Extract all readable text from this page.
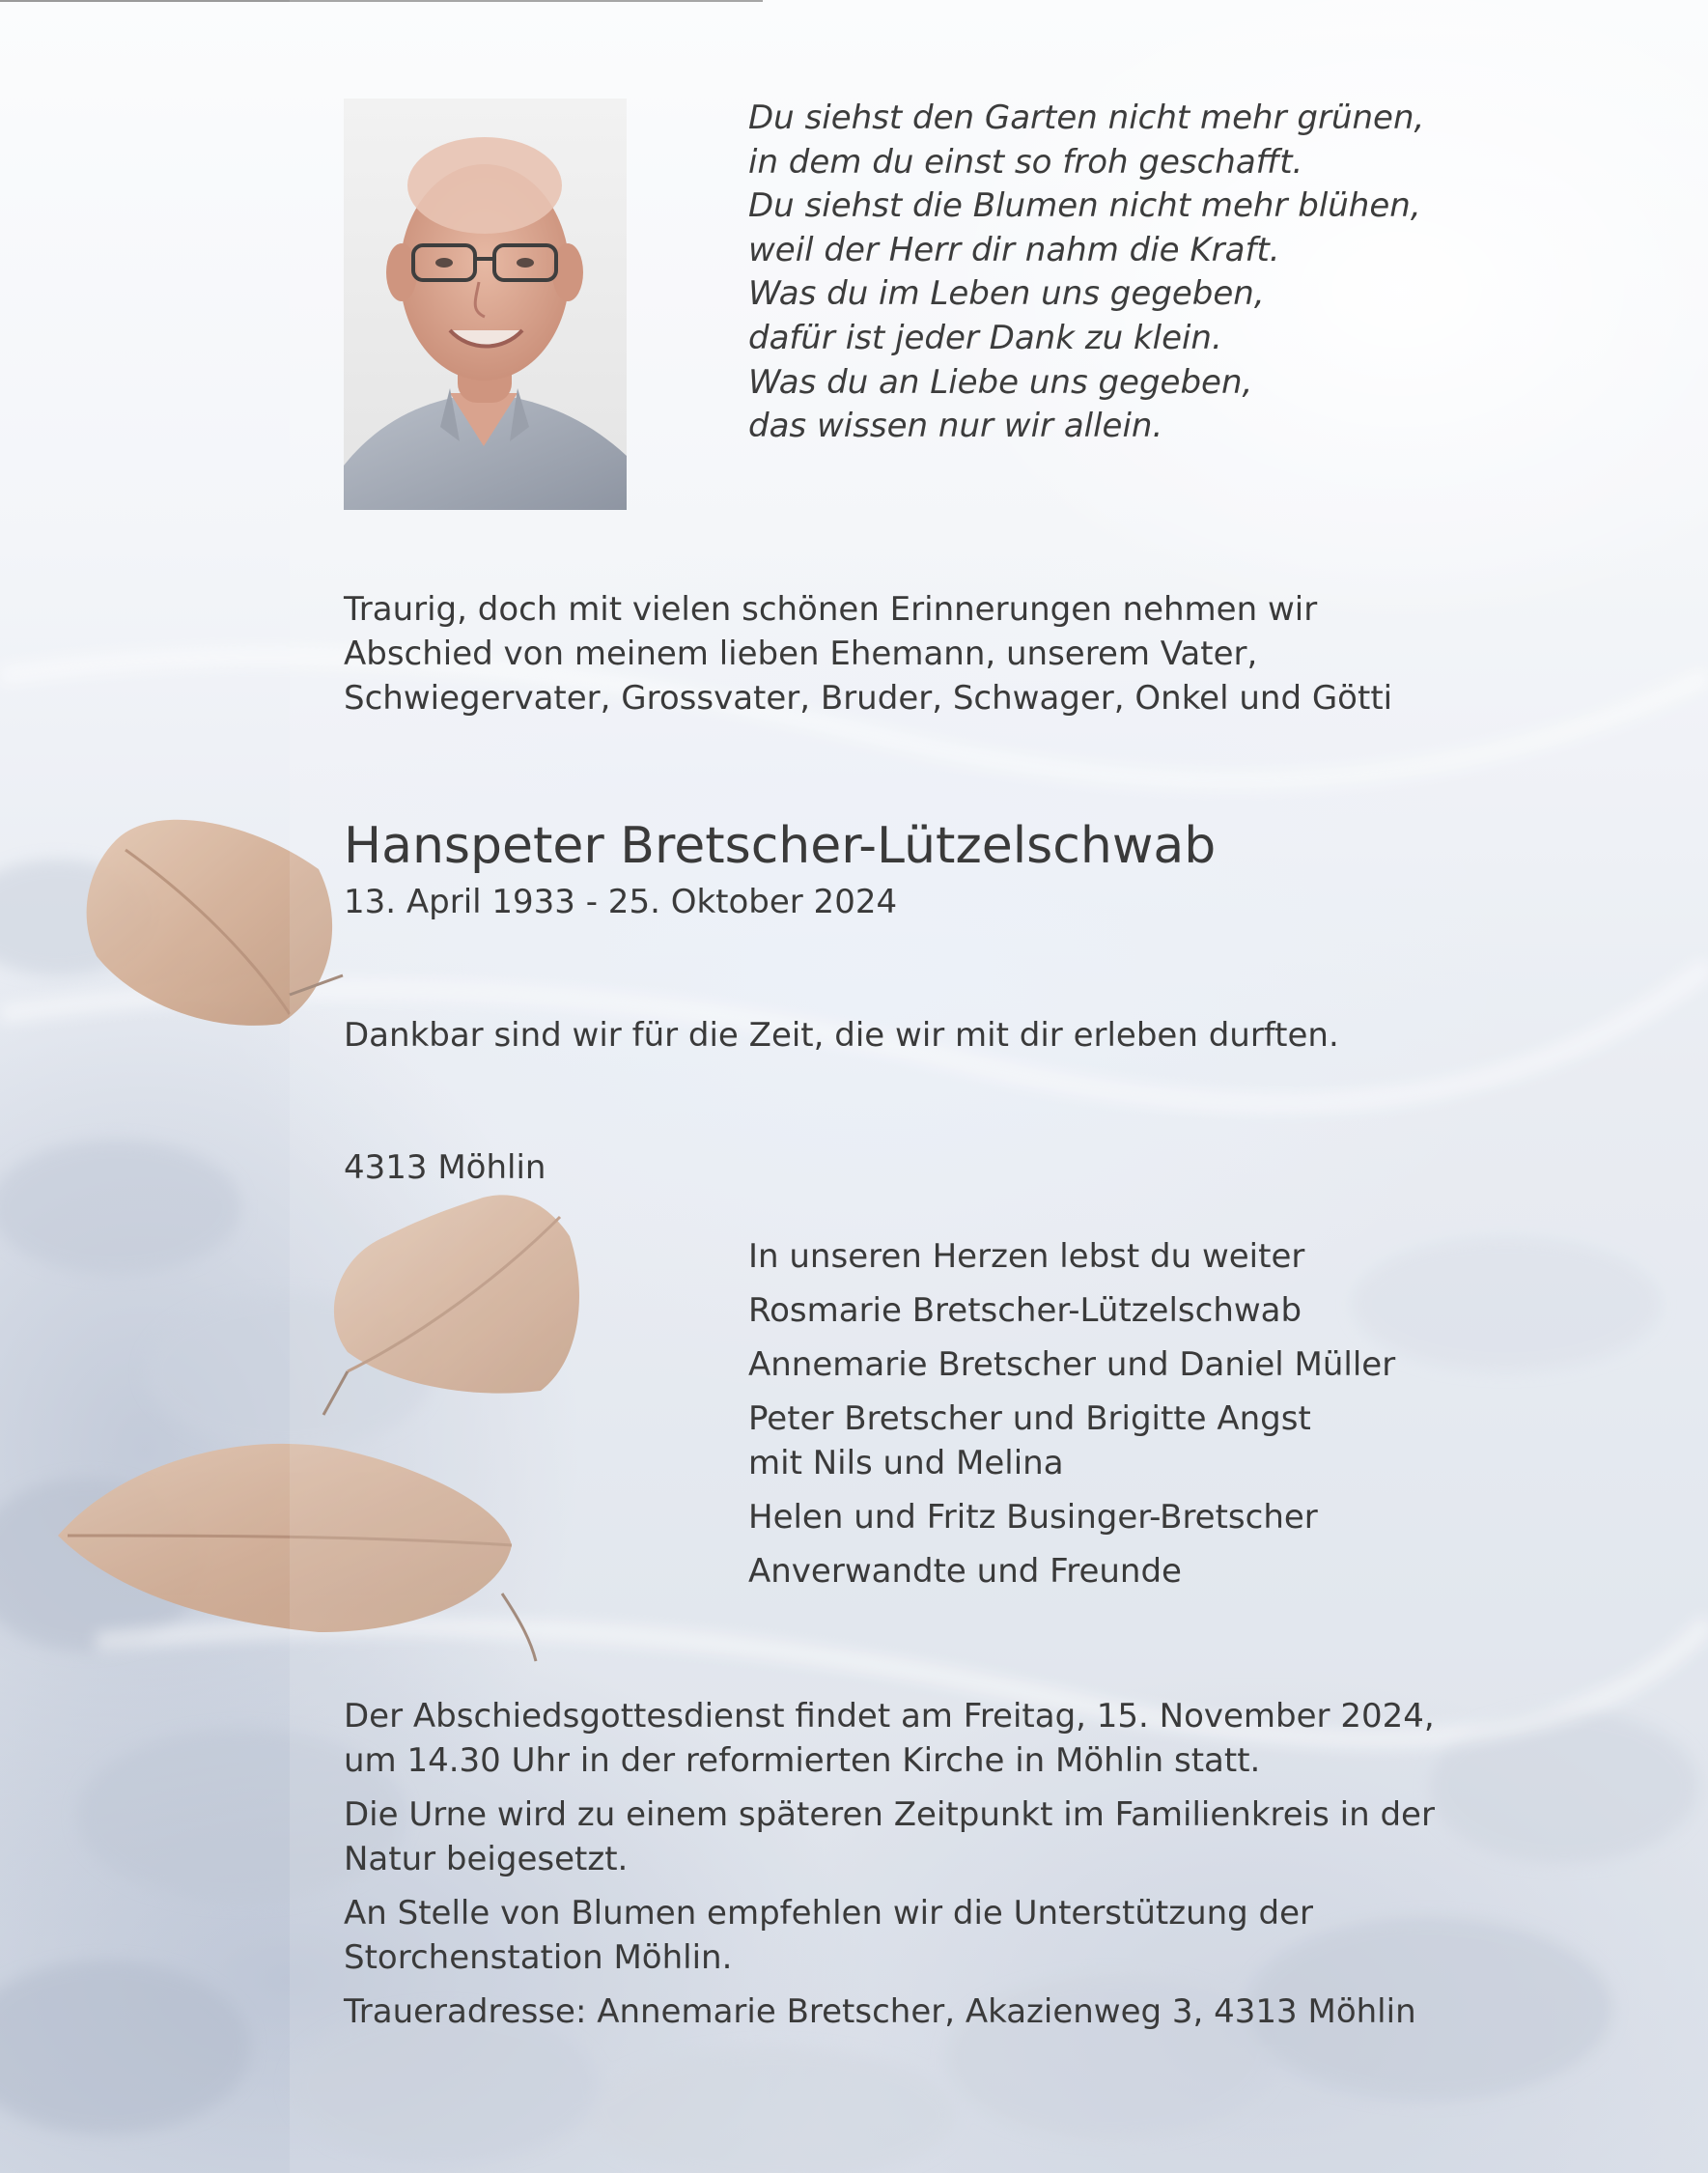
Du siehst den Garten nicht mehr grünen,
in dem du einst so froh geschafft.
Du siehst die Blumen nicht mehr blühen,
weil der Herr dir nahm die Kraft.
Was du im Leben uns gegeben,
dafür ist jeder Dank zu klein.
Was du an Liebe uns gegeben,
das wissen nur wir allein.
Traurig, doch mit vielen schönen Erinnerungen nehmen wir
Abschied von meinem lieben Ehemann, unserem Vater,
Schwiegervater, Grossvater, Bruder, Schwager, Onkel und Götti
Hanspeter Bretscher-Lützelschwab
13. April 1933 - 25. Oktober 2024
Dankbar sind wir für die Zeit, die wir mit dir erleben durften.
4313 Möhlin
In unseren Herzen lebst du weiter
Rosmarie Bretscher-Lützelschwab
Annemarie Bretscher und Daniel Müller
Peter Bretscher und Brigitte Angst
mit Nils und Melina
Helen und Fritz Businger-Bretscher
Anverwandte und Freunde
Der Abschiedsgottesdienst findet am Freitag, 15. November 2024,
um 14.30 Uhr in der reformierten Kirche in Möhlin statt.
Die Urne wird zu einem späteren Zeitpunkt im Familienkreis in der
Natur beigesetzt.
An Stelle von Blumen empfehlen wir die Unterstützung der
Storchenstation Möhlin.
Traueradresse: Annemarie Bretscher, Akazienweg 3, 4313 Möhlin
